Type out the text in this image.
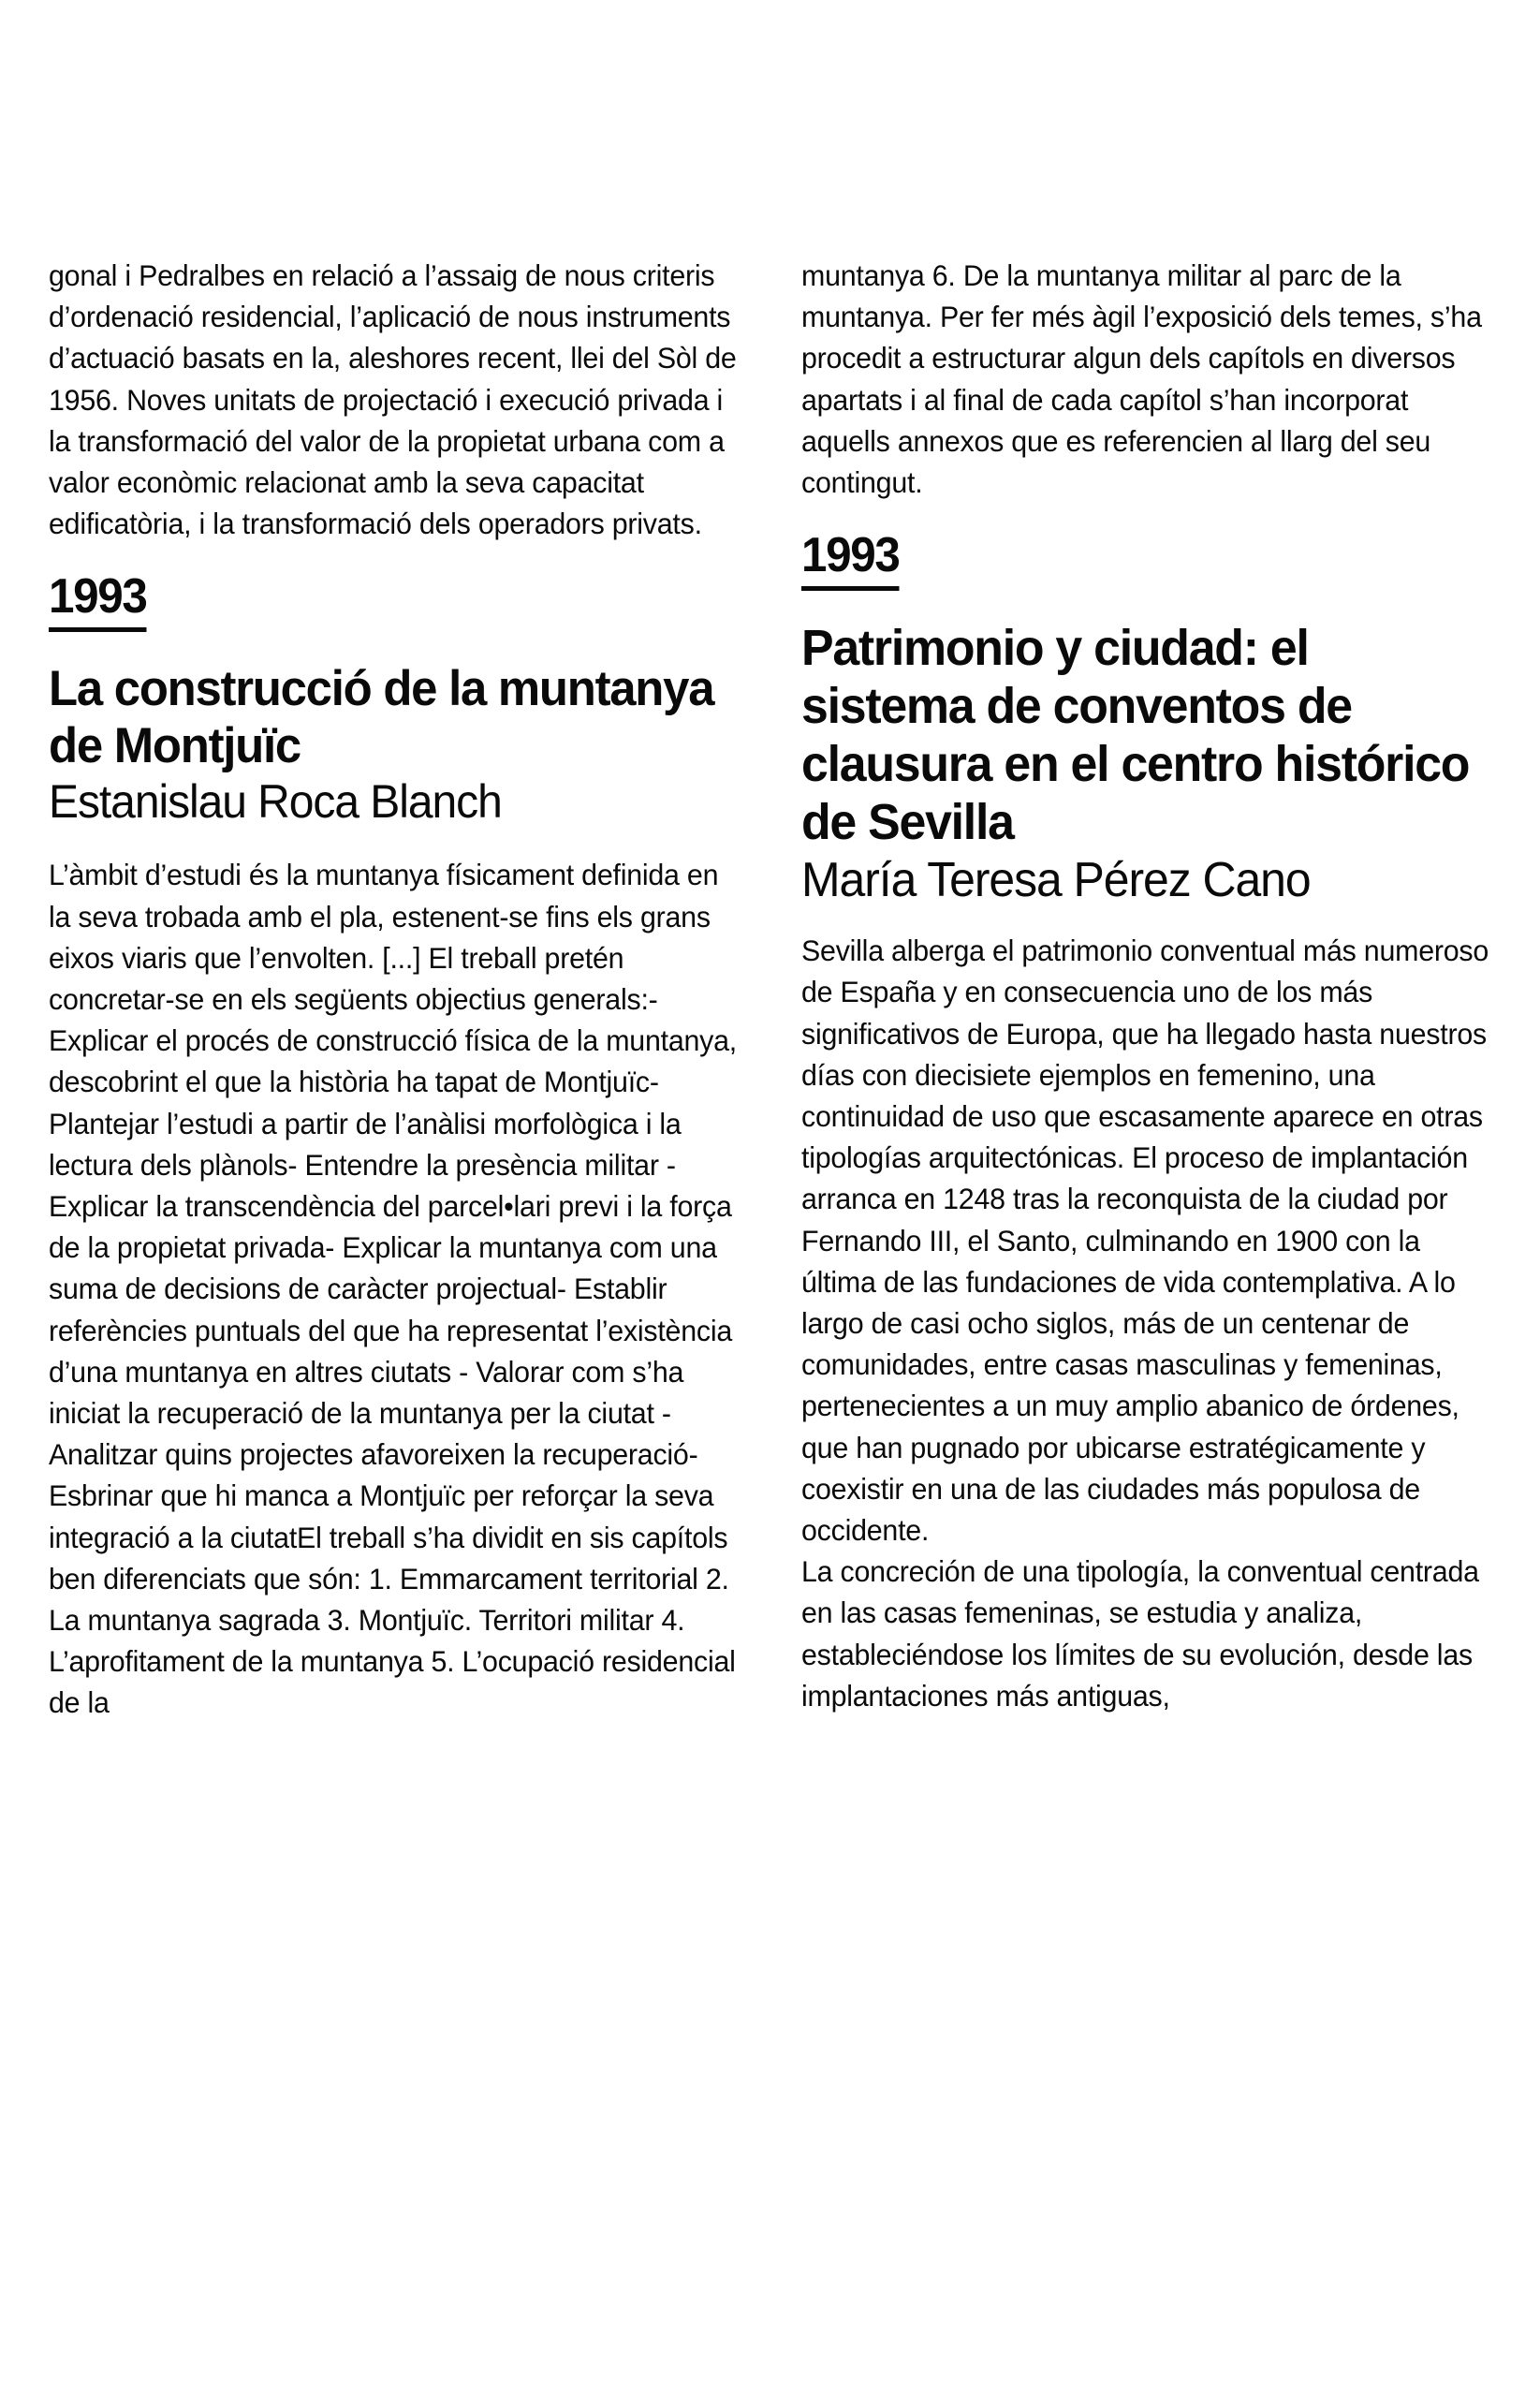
gonal i Pedralbes en relació a l’assaig de nous criteris d’ordenació residencial, l’aplicació de nous instruments d’actuació basats en la, aleshores recent, llei del Sòl de 1956. Noves unitats de projectació i execució privada i la transformació del valor de la propietat urbana com a valor econòmic relacionat amb la seva capacitat edificatòria, i la transformació dels operadors privats.

1993
La construcció de la muntanya de Montjuïc
Estanislau Roca Blanch

L’àmbit d’estudi és la muntanya físicament definida en la seva trobada amb el pla, estenent-se fins els grans eixos viaris que l’envolten. [...] El treball pretén concretar-se en els següents objectius generals:- Explicar el procés de construcció física de la muntanya, descobrint el que la història ha tapat de Montjuïc- Plantejar l’estudi a partir de l’anàlisi morfològica i la lectura dels plànols- Entendre la presència militar - Explicar la transcendència del parcel•lari previ i la força de la propietat privada- Explicar la muntanya com una suma de decisions de caràcter projectual- Establir referències puntuals del que ha representat l’existència d’una muntanya en altres ciutats - Valorar com s’ha iniciat la recuperació de la muntanya per la ciutat - Analitzar quins projectes afavoreixen la recuperació- Esbrinar que hi manca a Montjuïc per reforçar la seva integració a la ciutatEl treball s’ha dividit en sis capítols ben diferenciats que són: 1. Emmarcament territorial 2. La muntanya sagrada 3. Montjuïc. Territori militar 4. L’aprofitament de la muntanya 5. L’ocupació residencial de la

muntanya 6. De la muntanya militar al parc de la muntanya. Per fer més àgil l’exposició dels temes, s’ha procedit a estructurar algun dels capítols en diversos apartats i al final de cada capítol s’han incorporat aquells annexos que es referencien al llarg del seu contingut.

1993
Patrimonio y ciudad: el sistema de conventos de clausura en el centro histórico de Sevilla
María Teresa Pérez Cano

Sevilla alberga el patrimonio conventual más numeroso de España y en consecuencia uno de los más significativos de Europa, que ha llegado hasta nuestros días con diecisiete ejemplos en femenino, una continuidad de uso que escasamente aparece en otras tipologías arquitectónicas. El proceso de implantación arranca en 1248 tras la reconquista de la ciudad por Fernando III, el Santo, culminando en 1900 con la última de las fundaciones de vida contemplativa. A lo largo de casi ocho siglos, más de un centenar de comunidades, entre casas masculinas y femeninas, pertenecientes a un muy amplio abanico de órdenes, que han pugnado por ubicarse estratégicamente y coexistir en una de las ciudades más populosa de occidente.

La concreción de una tipología, la conventual centrada en las casas femeninas, se estudia y analiza, estableciéndose los límites de su evolución, desde las implantaciones más antiguas,
